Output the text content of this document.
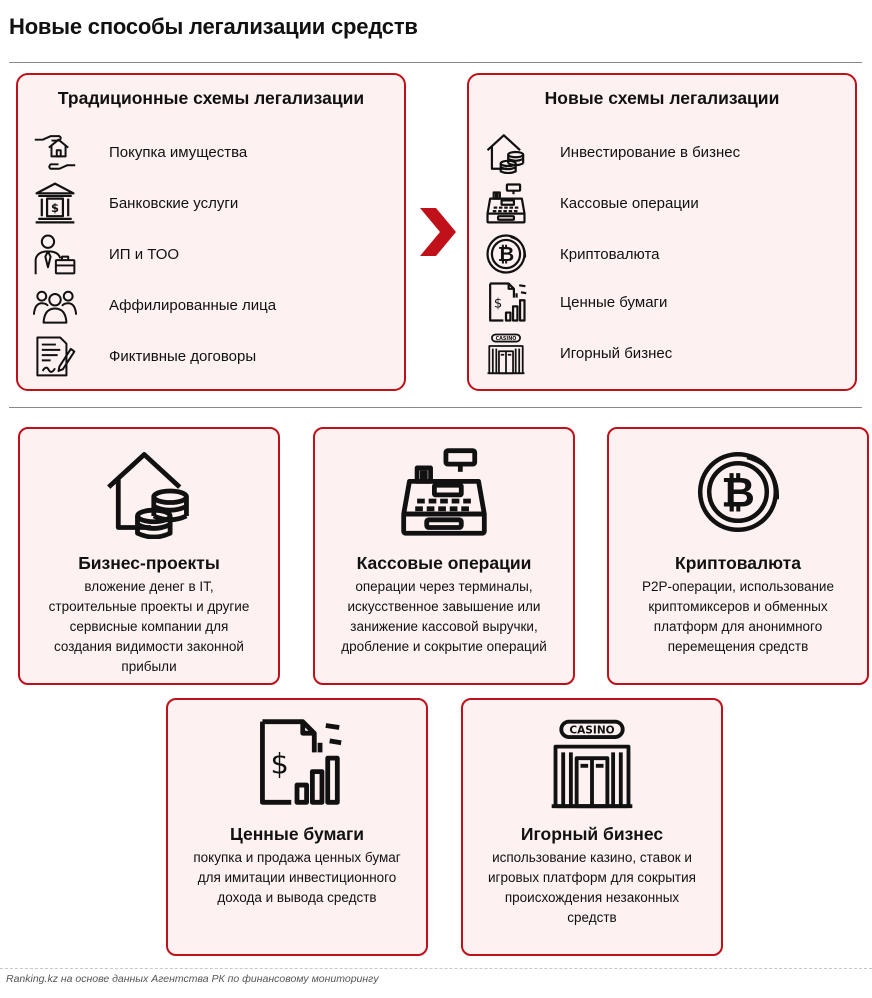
Новые способы легализации средств
Традиционные схемы легализации
Покупка имущества
Банковские услуги
ИП и ТОО
Аффилированные лица
Фиктивные договоры
Новые схемы легализации
Инвестирование в бизнес
Кассовые операции
Криптовалюта
Ценные бумаги
Игорный бизнес
Бизнес-проекты
вложение денег в IT,
строительные проекты и другие
сервисные компании для
создания видимости законной
прибыли
Кассовые операции
операции через терминалы,
искусственное завышение или
занижение кассовой выручки,
дробление и сокрытие операций
Криптовалюта
P2P-операции, использование
криптомиксеров и обменных
платформ для анонимного
перемещения средств
Ценные бумаги
покупка и продажа ценных бумаг
для имитации инвестиционного
дохода и вывода средств
Игорный бизнес
использование казино, ставок и
игровых платформ для сокрытия
происхождения незаконных
средств
Ranking.kz на основе данных Агентства РК по финансовому мониторингу
